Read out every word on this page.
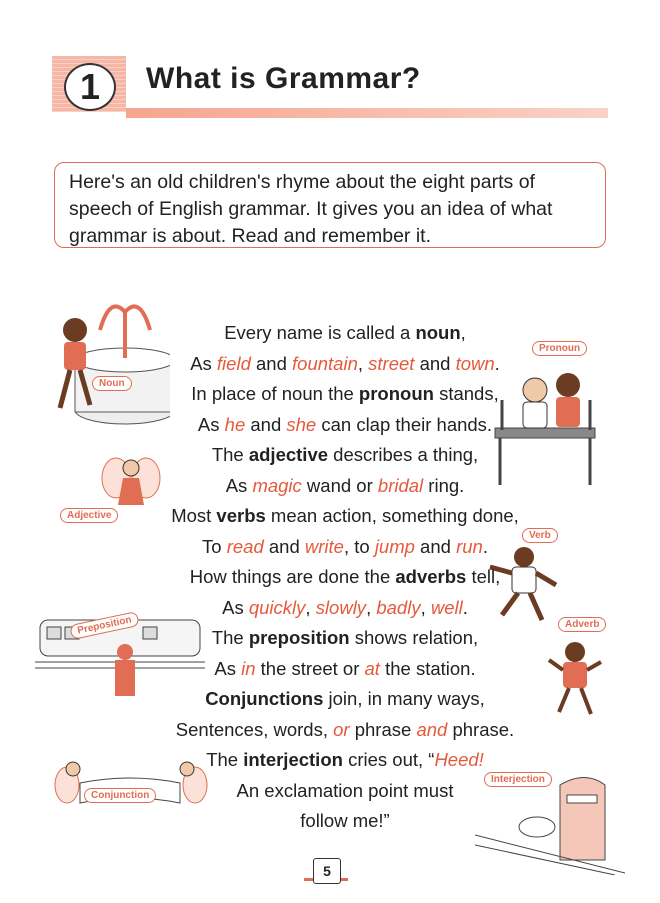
1	What is Grammar?
Here's an old children's rhyme about the eight parts of speech of English grammar. It gives you an idea of what grammar is about. Read and remember it.
Noun
Pronoun
Adjective
Verb
Preposition	Adverb
Conjunction
Interjection
Every name is called a noun,
As field and fountain, street and town.
In place of noun the pronoun stands,
As he and she can clap their hands.
The adjective describes a thing,
As magic wand or bridal ring.
Most verbs mean action, something done,
To read and write, to jump and run.
How things are done the adverbs tell,
As quickly, slowly, badly, well.
The preposition shows relation,
As in the street or at the station.
Conjunctions join, in many ways,
Sentences, words, or phrase and phrase.
The interjection cries out, “Heed!
An exclamation point must
follow me!”
5
